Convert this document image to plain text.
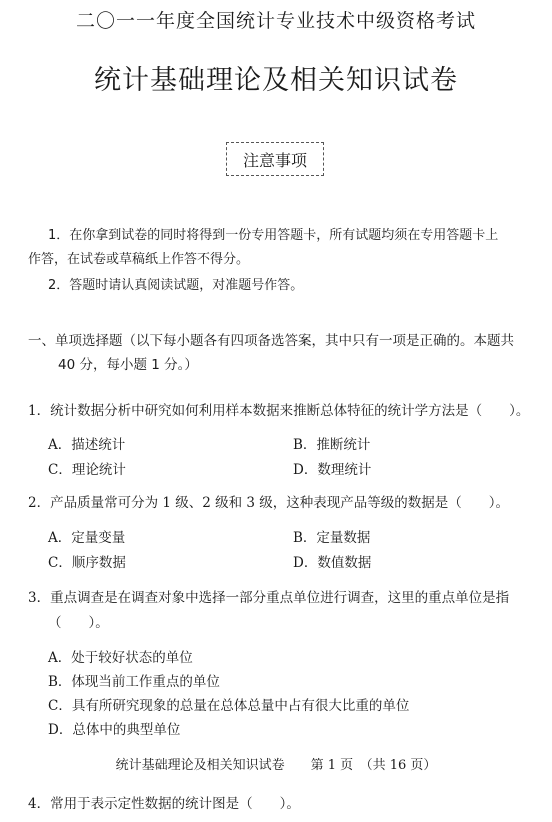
二〇一一年度全国统计专业技术中级资格考试
统计基础理论及相关知识试卷
注意事项
1．在你拿到试卷的同时将得到一份专用答题卡，所有试题均须在专用答题卡上
作答，在试卷或草稿纸上作答不得分。
2．答题时请认真阅读试题，对准题号作答。
一、单项选择题（以下每小题各有四项备选答案，其中只有一项是正确的。本题共
40 分，每小题 1 分。）
1．统计数据分析中研究如何利用样本数据来推断总体特征的统计学方法是（　　）。
A．描述统计	B．推断统计
C．理论统计	D．数理统计
2．产品质量常可分为 1 级、2 级和 3 级，这种表现产品等级的数据是（　　）。
A．定量变量	B．定量数据
C．顺序数据	D．数值数据
3．重点调查是在调查对象中选择一部分重点单位进行调查，这里的重点单位是指
（　　）。
A．处于较好状态的单位
B．体现当前工作重点的单位
C．具有所研究现象的总量在总体总量中占有很大比重的单位
D．总体中的典型单位
统计基础理论及相关知识试卷　　第 1 页　（共 16 页）
4．常用于表示定性数据的统计图是（　　）。
